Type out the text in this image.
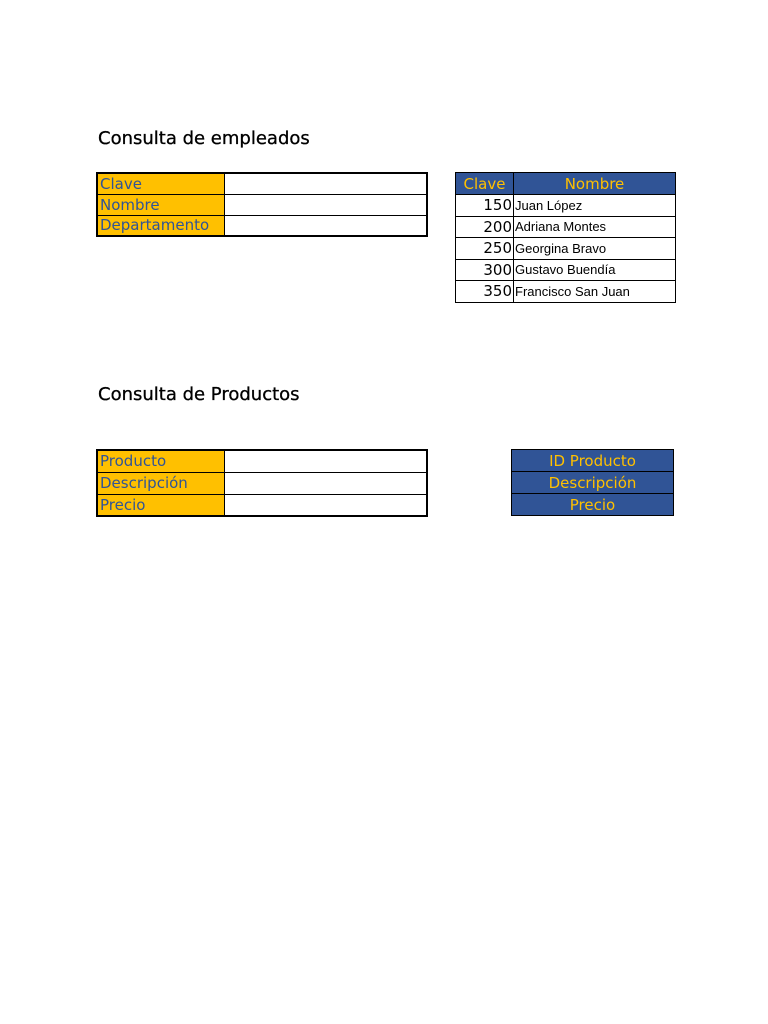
Consulta de empleados
Clave	
Nombre	
Departamento	
Clave	Nombre
150	Juan López
200	Adriana Montes
250	Georgina Bravo
300	Gustavo Buendía
350	Francisco San Juan
Consulta de Productos
Producto	
Descripción	
Precio	
ID Producto
Descripción
Precio
